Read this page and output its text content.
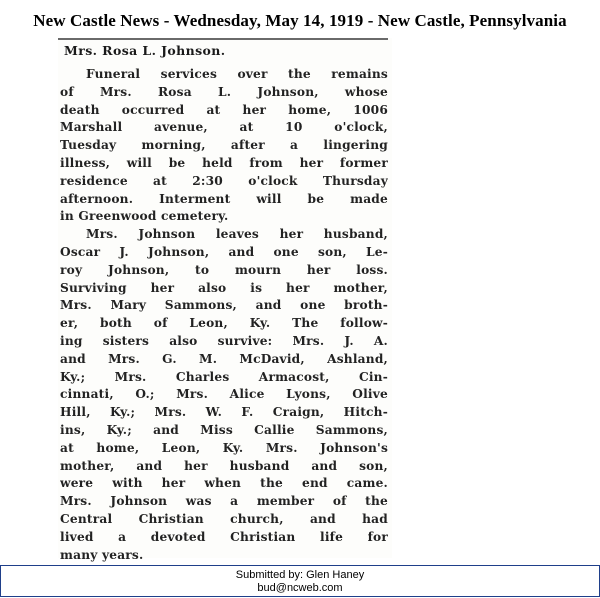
New Castle News - Wednesday, May 14, 1919 - New Castle, Pennsylvania
Mrs. Rosa L. Johnson.
Funeral services over the remains
of Mrs. Rosa L. Johnson, whose
death occurred at her home, 1006
Marshall avenue, at 10 o'clock,
Tuesday morning, after a lingering
illness, will be held from her former
residence at 2:30 o'clock Thursday
afternoon. Interment will be made
in Greenwood cemetery.
Mrs. Johnson leaves her husband,
Oscar J. Johnson, and one son, Le-
roy Johnson, to mourn her loss.
Surviving her also is her mother,
Mrs. Mary Sammons, and one broth-
er, both of Leon, Ky. The follow-
ing sisters also survive: Mrs. J. A.
and Mrs. G. M. McDavid, Ashland,
Ky.; Mrs. Charles Armacost, Cin-
cinnati, O.; Mrs. Alice Lyons, Olive
Hill, Ky.; Mrs. W. F. Craign, Hitch-
ins, Ky.; and Miss Callie Sammons,
at home, Leon, Ky. Mrs. Johnson's
mother, and her husband and son,
were with her when the end came.
Mrs. Johnson was a member of the
Central Christian church, and had
lived a devoted Christian life for
many years.
Submitted by: Glen Haney
bud@ncweb.com
